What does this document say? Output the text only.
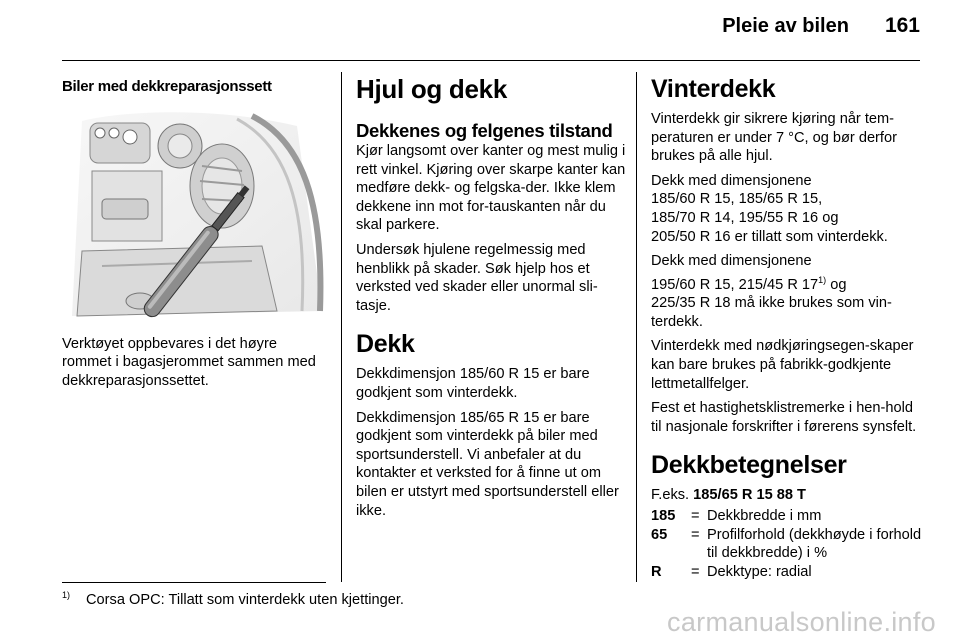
Pleie av bilen 161
Biler med dekkreparasjonssett

Verktøyet oppbevares i det høyre rommet i bagasjerommet sammen med dekkreparasjonssettet.

Hjul og dekk
Dekkenes og felgenes tilstand

Kjør langsomt over kanter og mest mulig i rett vinkel. Kjøring over skarpe kanter kan medføre dekk- og felgska-der. Ikke klem dekkene inn mot for-tauskanten når du skal parkere.

Undersøk hjulene regelmessig med henblikk på skader. Søk hjelp hos et verksted ved skader eller unormal sli-tasje.

Dekk

Dekkdimensjon 185/60 R 15 er bare godkjent som vinterdekk.

Dekkdimensjon 185/65 R 15 er bare godkjent som vinterdekk på biler med sportsunderstell. Vi anbefaler at du kontakter et verksted for å finne ut om bilen er utstyrt med sportsunderstell eller ikke.

Vinterdekk

Vinterdekk gir sikrere kjøring når tem-peraturen er under 7 °C, og bør derfor brukes på alle hjul.

Dekk med dimensjonene
185/60 R 15, 185/65 R 15,
185/70 R 14, 195/55 R 16 og
205/50 R 16 er tillatt som vinterdekk.

Dekk med dimensjonene
195/60 R 15, 215/45 R 17$^{1)}$ og
225/35 R 18 må ikke brukes som vin-terdekk.

Vinterdekk med nødkjøringsegen-skaper kan bare brukes på fabrikk-godkjente lettmetallfelger.

Fest et hastighetsklistremerke i hen-hold til nasjonale forskrifter i førerens synsfelt.

Dekkbetegnelser

F.eks. 185/65 R 15 88 T

185	=	Dekkbredde i mm
65	=	Profilforhold (dekkhøyde i forhold til dekkbredde) i %
R	=	Dekktype: radial
$^{1)}$ Corsa OPC: Tillatt som vinterdekk uten kjettinger.
carmanualsonline.info
